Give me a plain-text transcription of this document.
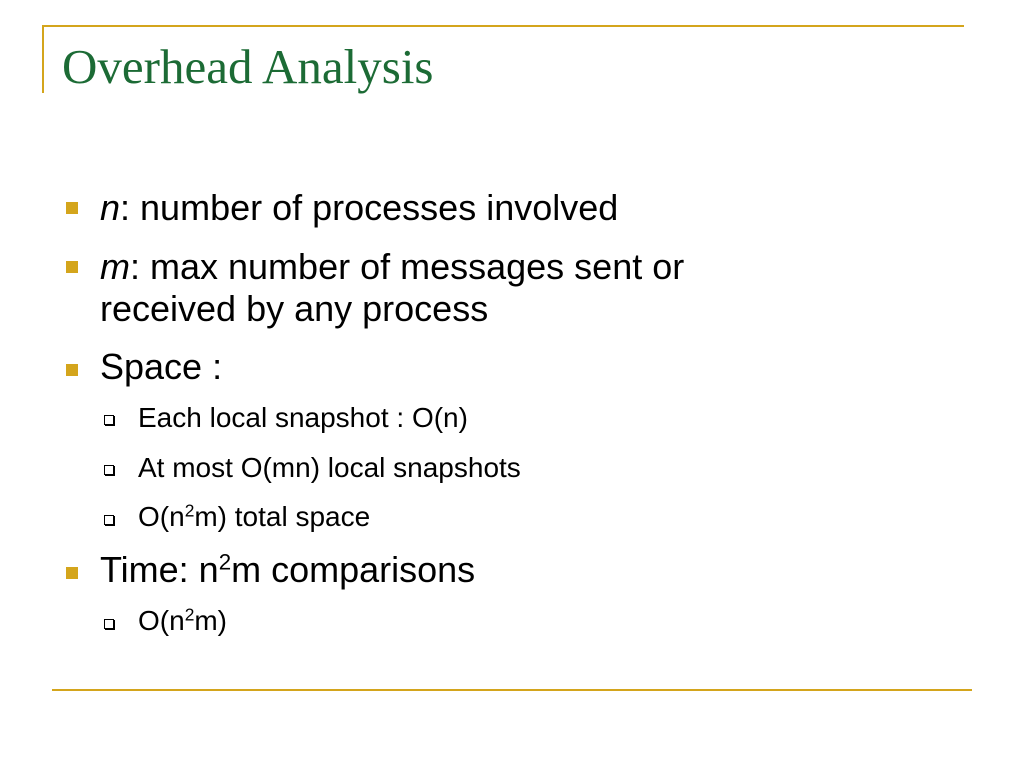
Overhead Analysis
n: number of processes involved
m: max number of messages sent or
received by any process
Space :
Each local snapshot : O(n)
At most O(mn) local snapshots
$O(n^2m)$ total space
Time: $n^2m$ comparisons
$O(n^2m)$
